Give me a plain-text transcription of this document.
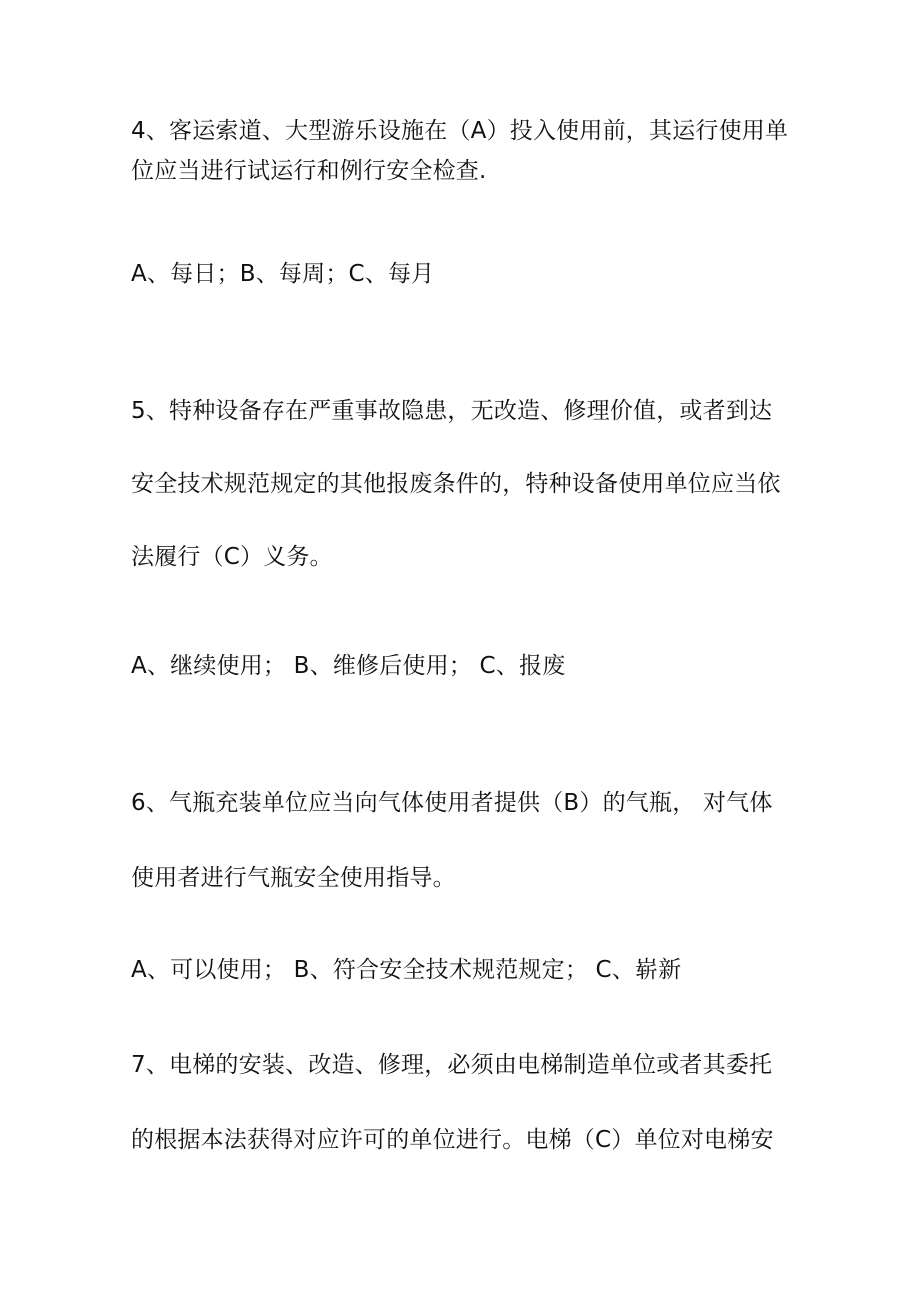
4、客运索道、大型游乐设施在（A）投入使用前，其运行使用单
位应当进行试运行和例行安全检查.
A、每日；B、每周；C、每月
5、特种设备存在严重事故隐患，无改造、修理价值，或者到达
安全技术规范规定的其他报废条件的，特种设备使用单位应当依
法履行（C）义务。
A、继续使用； B、维修后使用； C、报废
6、气瓶充装单位应当向气体使用者提供（B）的气瓶， 对气体
使用者进行气瓶安全使用指导。
A、可以使用； B、符合安全技术规范规定； C、崭新
7、电梯的安装、改造、修理，必须由电梯制造单位或者其委托
的根据本法获得对应许可的单位进行。电梯（C）单位对电梯安
